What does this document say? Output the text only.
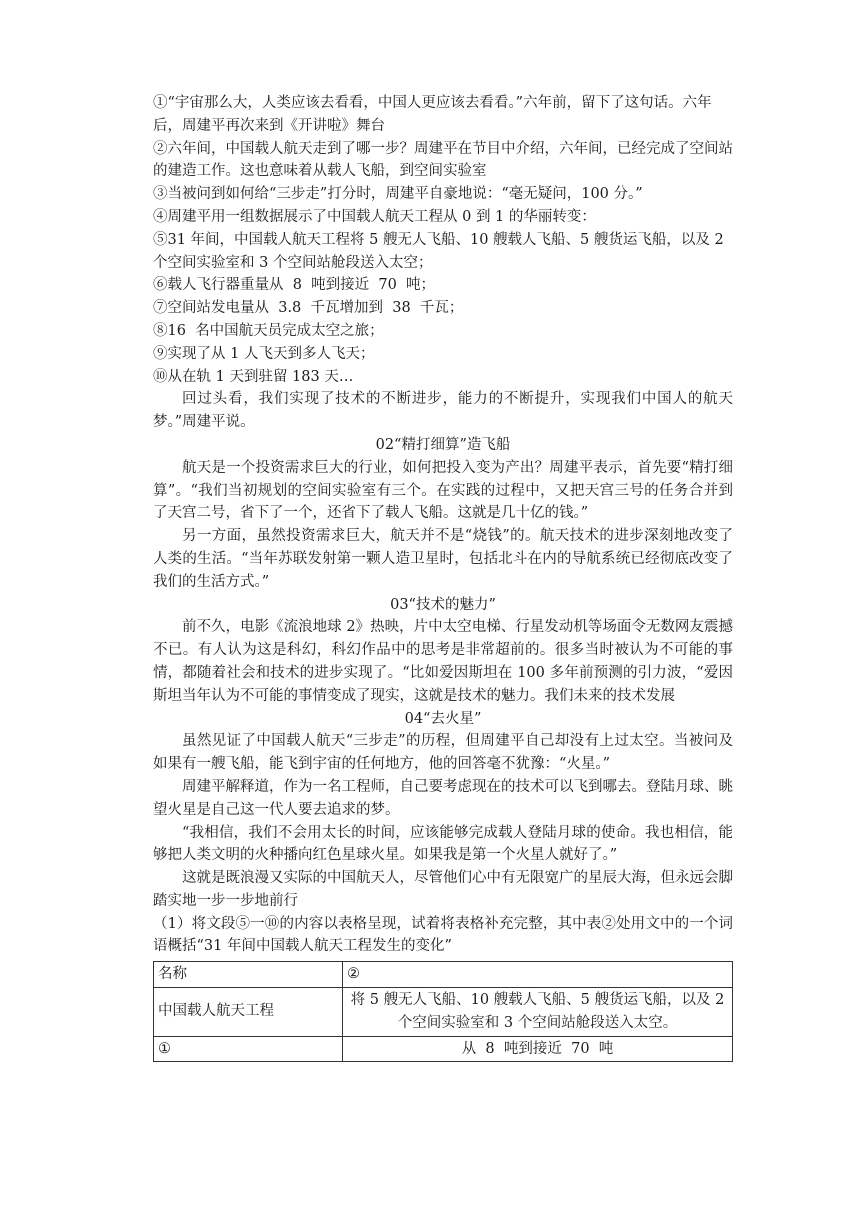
①“宇宙那么大，人类应该去看看，中国人更应该去看看。”六年前，留下了这句话。六年后，周建平再次来到《开讲啦》舞台

②六年间，中国载人航天走到了哪一步？周建平在节目中介绍，六年间，已经完成了空间站的建造工作。这也意味着从载人飞船，到空间实验室

③当被问到如何给“三步走”打分时，周建平自豪地说：“毫无疑问，100 分。”

④周建平用一组数据展示了中国载人航天工程从 0 到 1 的华丽转变：

⑤31 年间，中国载人航天工程将 5 艘无人飞船、10 艘载人飞船、5 艘货运飞船，以及 2 个空间实验室和 3 个空间站舱段送入太空；

⑥载人飞行器重量从  8  吨到接近  70  吨；

⑦空间站发电量从  3.8  千瓦增加到  38  千瓦；

⑧16  名中国航天员完成太空之旅；

⑨实现了从 1 人飞天到多人飞天；

⑩从在轨 1 天到驻留 183 天…

回过头看，我们实现了技术的不断进步，能力的不断提升，实现我们中国人的航天梦。”周建平说。

02“精打细算”造飞船

航天是一个投资需求巨大的行业，如何把投入变为产出？周建平表示，首先要“精打细算”。“我们当初规划的空间实验室有三个。在实践的过程中，又把天宫三号的任务合并到了天宫二号，省下了一个，还省下了载人飞船。这就是几十亿的钱。”

另一方面，虽然投资需求巨大，航天并不是“烧钱”的。航天技术的进步深刻地改变了人类的生活。“当年苏联发射第一颗人造卫星时，包括北斗在内的导航系统已经彻底改变了我们的生活方式。”

03“技术的魅力”

前不久，电影《流浪地球 2》热映，片中太空电梯、行星发动机等场面令无数网友震撼不已。有人认为这是科幻，科幻作品中的思考是非常超前的。很多当时被认为不可能的事情，都随着社会和技术的进步实现了。“比如爱因斯坦在 100 多年前预测的引力波，“爱因斯坦当年认为不可能的事情变成了现实，这就是技术的魅力。我们未来的技术发展

04“去火星”

虽然见证了中国载人航天“三步走”的历程，但周建平自己却没有上过太空。当被问及如果有一艘飞船，能飞到宇宙的任何地方，他的回答毫不犹豫：“火星。”

周建平解释道，作为一名工程师，自己要考虑现在的技术可以飞到哪去。登陆月球、眺望火星是自己这一代人要去追求的梦。

“我相信，我们不会用太长的时间，应该能够完成载人登陆月球的使命。我也相信，能够把人类文明的火种播向红色星球火星。如果我是第一个火星人就好了。”

这就是既浪漫又实际的中国航天人，尽管他们心中有无限宽广的星辰大海，但永远会脚踏实地一步一步地前行

（1）将文段⑤一⑩的内容以表格呈现，试着将表格补充完整，其中表②处用文中的一个词语概括“31 年间中国载人航天工程发生的变化”

名称	②
中国载人航天工程	将 5 艘无人飞船、10 艘载人飞船、5 艘货运飞船，以及 2 个空间实验室和 3 个空间站舱段送入太空。
①	从  8  吨到接近  70  吨
